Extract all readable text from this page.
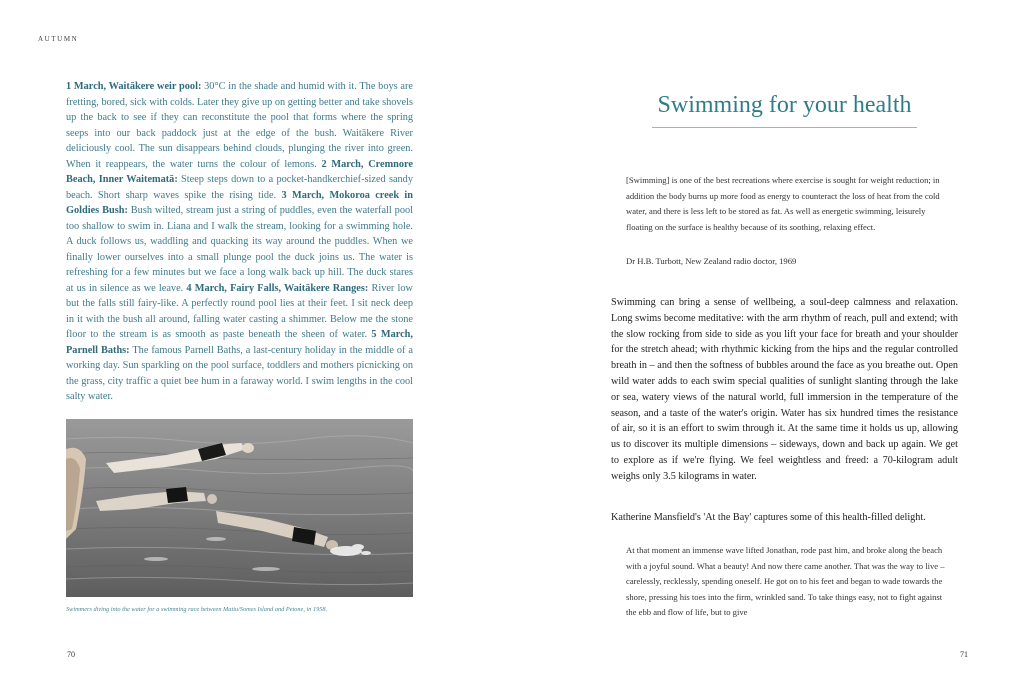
AUTUMN

1 March, Waitākere weir pool: 30°C in the shade and humid with it. The boys are fretting, bored, sick with colds. Later they give up on getting better and take shovels up the back to see if they can reconstitute the pool that forms where the spring seeps into our back paddock just at the edge of the bush. Waitākere River deliciously cool. The sun disappears behind clouds, plunging the river into green. When it reappears, the water turns the colour of lemons. 2 March, Cremnore Beach, Inner Waitematā: Steep steps down to a pocket-handkerchief-sized sandy beach. Short sharp waves spike the rising tide. 3 March, Mokoroa creek in Goldies Bush: Bush wilted, stream just a string of puddles, even the waterfall pool too shallow to swim in. Liana and I walk the stream, looking for a swimming hole. A duck follows us, waddling and quacking its way around the puddles. When we finally lower ourselves into a small plunge pool the duck joins us. The water is refreshing for a few minutes but we face a long walk back up hill. The duck stares at us in silence as we leave. 4 March, Fairy Falls, Waitākere Ranges: River low but the falls still fairy-like. A perfectly round pool lies at their feet. I sit neck deep in it with the bush all around, falling water casting a shimmer. Below me the stone floor to the stream is as smooth as paste beneath the sheen of water. 5 March, Parnell Baths: The famous Parnell Baths, a last-century holiday in the middle of a working day. Sun sparkling on the pool surface, toddlers and mothers picnicking on the grass, city traffic a quiet bee hum in a faraway world. I swim lengths in the cool salty water.

Swimmers diving into the water for a swimming race between Matiu/Somes Island and Petone, in 1958.
70
Swimming for your health

[Swimming] is one of the best recreations where exercise is sought for weight reduction; in addition the body burns up more food as energy to counteract the loss of heat from the cold water, and there is less left to be stored as fat. As well as energetic swimming, leisurely floating on the surface is healthy because of its soothing, relaxing effect.

Dr H.B. Turbott, New Zealand radio doctor, 1969

Swimming can bring a sense of wellbeing, a soul-deep calmness and relaxation. Long swims become meditative: with the arm rhythm of reach, pull and extend; with the slow rocking from side to side as you lift your face for breath and your shoulder for the stretch ahead; with rhythmic kicking from the hips and the regular controlled breath in – and then the softness of bubbles around the face as you breathe out. Open wild water adds to each swim special qualities of sunlight slanting through the lake or sea, watery views of the natural world, full immersion in the temperature of the season, and a taste of the water's origin. Water has six hundred times the resistance of air, so it is an effort to swim through it. At the same time it holds us up, allowing us to discover its multiple dimensions – sideways, down and back up again. We get to explore as if we're flying. We feel weightless and freed: a 70-kilogram adult weighs only 3.5 kilograms in water.

Katherine Mansfield's 'At the Bay' captures some of this health-filled delight.

At that moment an immense wave lifted Jonathan, rode past him, and broke along the beach with a joyful sound. What a beauty! And now there came another. That was the way to live – carelessly, recklessly, spending oneself. He got on to his feet and began to wade towards the shore, pressing his toes into the firm, wrinkled sand. To take things easy, not to fight against the ebb and flow of life, but to give

71
